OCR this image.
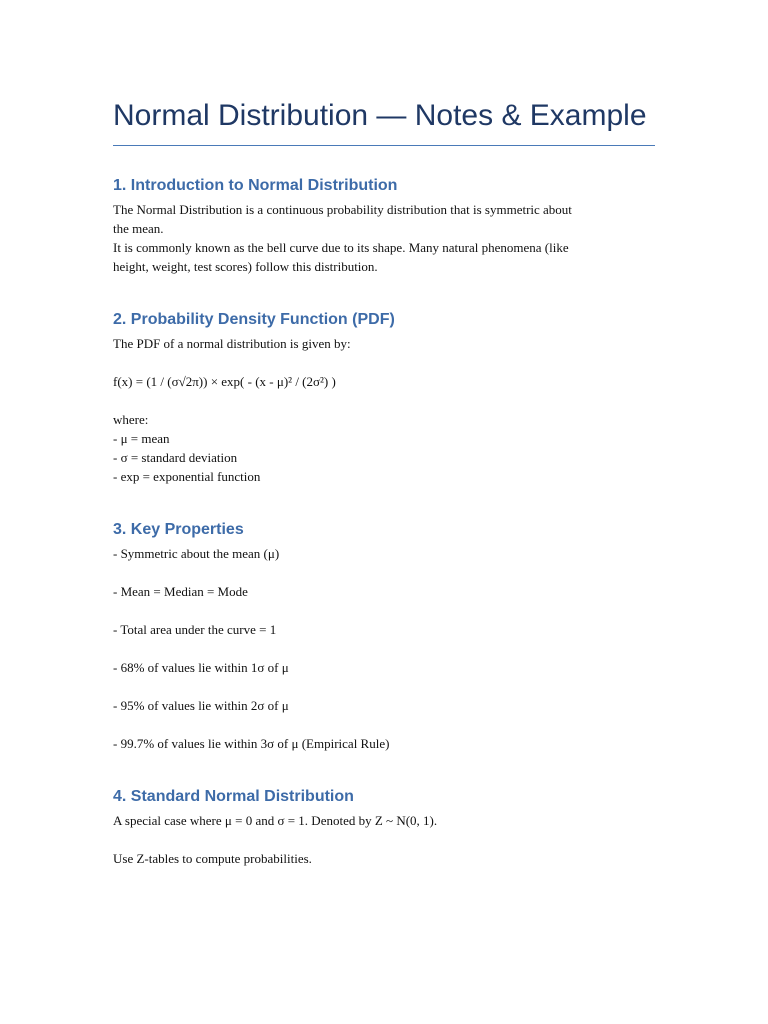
Normal Distribution — Notes & Example
1. Introduction to Normal Distribution

The Normal Distribution is a continuous probability distribution that is symmetric about

the mean.

It is commonly known as the bell curve due to its shape. Many natural phenomena (like

height, weight, test scores) follow this distribution.

2. Probability Density Function (PDF)

The PDF of a normal distribution is given by:

f(x) = (1 / (σ√2π)) × exp( - (x - μ)² / (2σ²) )

where:

- μ = mean

- σ = standard deviation

- exp = exponential function

3. Key Properties

- Symmetric about the mean (μ)

- Mean = Median = Mode

- Total area under the curve = 1

- 68% of values lie within 1σ of μ

- 95% of values lie within 2σ of μ

- 99.7% of values lie within 3σ of μ (Empirical Rule)

4. Standard Normal Distribution

A special case where μ = 0 and σ = 1. Denoted by Z ~ N(0, 1).

Use Z-tables to compute probabilities.
